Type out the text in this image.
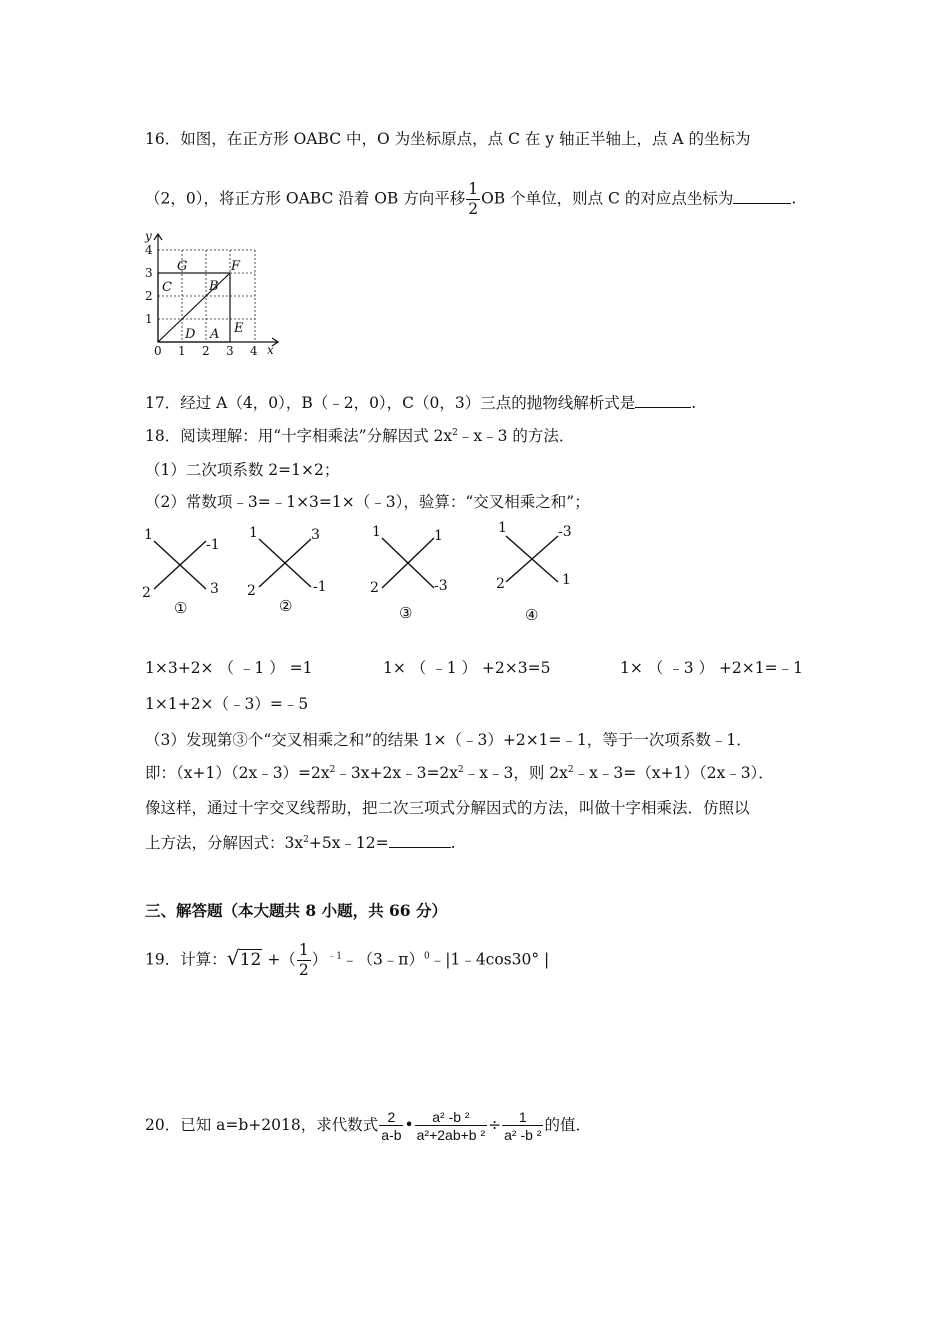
16．如图，在正方形 OABC 中，O 为坐标原点，点 C 在 y 轴正半轴上，点 A 的坐标为
（2，0），将正方形 OABC 沿着 OB 方向平移 $\frac{1}{2}$ OB 个单位，则点 C 的对应点坐标为	.
y
x
0 1 2 3 4
1
2
3
4
G	F
C	B
D A E
17．经过 A（4，0），B（﹣2，0），C（0，3）三点的抛物线解析式是	.
18．阅读理解：用“十字相乘法”分解因式 $2x^2﹣x﹣3$ 的方法．
（1）二次项系数 2=1×2；
（2）常数项﹣3=﹣1×3=1×（﹣3），验算：“交叉相乘之和”；
1
-1
2	3
①
1	3
2	-1
②
1	1
2	-3
③
1	-3
2	1
④
1×3+2× （ ﹣1 ） =1	1× （ ﹣1 ） +2×3=5	1× （ ﹣3 ） +2×1=﹣1
1×1+2×（﹣3）=﹣5
（3）发现第③个“交叉相乘之和”的结果 1×（﹣3）+2×1=﹣1，等于一次项系数﹣1．
即：$(x+1)(2x﹣3)=2x^2﹣3x+2x﹣3=2x^2﹣x﹣3$，则 $2x^2﹣x﹣3=(x+1)(2x﹣3)$．
像这样，通过十字交叉线帮助，把二次三项式分解因式的方法，叫做十字相乘法．仿照以
上方法，分解因式：$3x^2+5x﹣12=$	.
三、解答题（本大题共 8 小题，共 66 分）
19．计算： √ 12 +（ $\frac{1}{2}$ ）$^{﹣1}$﹣（3﹣π）$^0$﹣|1﹣4cos30° |
20．已知 a=b+2018，求代数式 $\frac{2}{a-b}$ • $\frac{\text{a² -b ²}}{\text{a²+2ab+b ²}} \div \frac{1}{\text{a² -b ²}}$ 的值．
